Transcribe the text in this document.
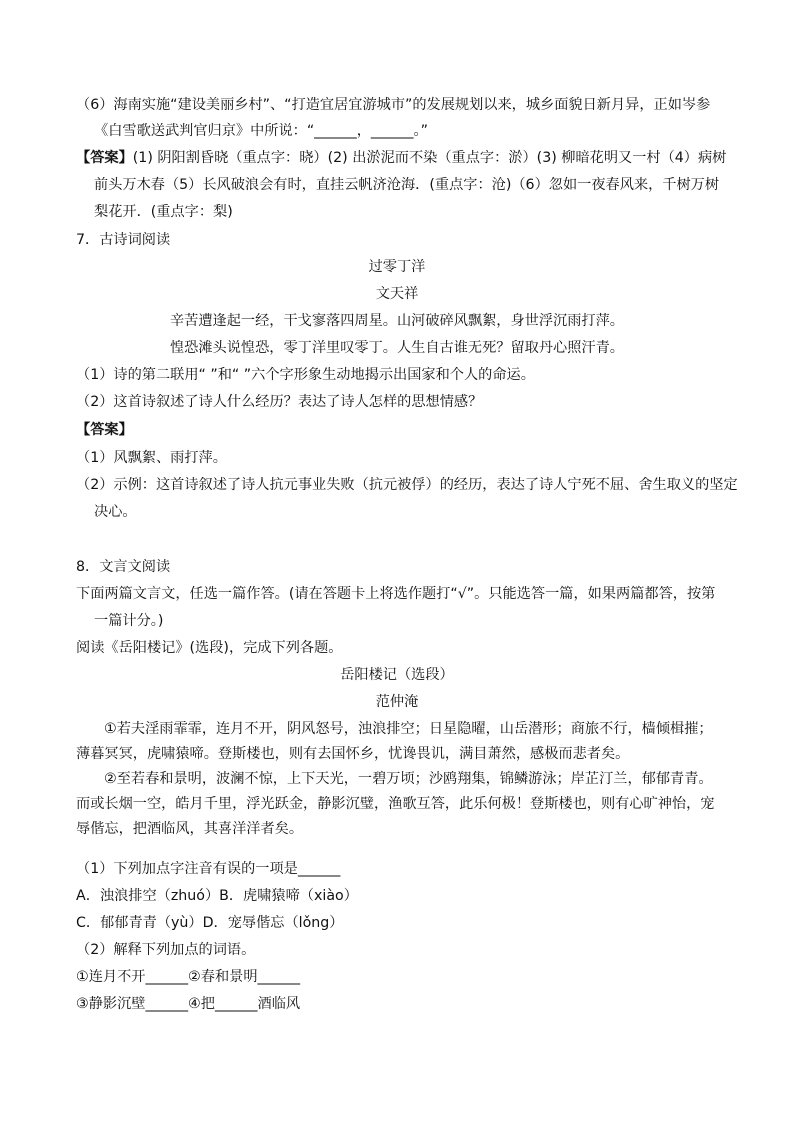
（6）海南实施“建设美丽乡村”、“打造宜居宜游城市”的发展规划以来，城乡面貌日新月异，正如岑参
《白雪歌送武判官归京》中所说：“______，______。”
【答案】(1) 阴阳割昏晓（重点字：晓）(2) 出淤泥而不染（重点字：淤）(3) 柳暗花明又一村（4）病树
前头万木春（5）长风破浪会有时，直挂云帆济沧海．(重点字：沧)（6）忽如一夜春风来，千树万树
梨花开．(重点字：梨)
7．古诗词阅读
过零丁洋
文天祥
辛苦遭逢起一经，干戈寥落四周星。山河破碎风飘絮，身世浮沉雨打萍。
惶恐滩头说惶恐，零丁洋里叹零丁。人生自古谁无死？留取丹心照汗青。
（1）诗的第二联用“ ”和“ ”六个字形象生动地揭示出国家和个人的命运。
（2）这首诗叙述了诗人什么经历？表达了诗人怎样的思想情感？
【答案】
（1）风飘絮、雨打萍。
（2）示例：这首诗叙述了诗人抗元事业失败（抗元被俘）的经历，表达了诗人宁死不屈、舍生取义的坚定
决心。
8．文言文阅读
下面两篇文言文，任选一篇作答。(请在答题卡上将选作题打“√”。只能选答一篇，如果两篇都答，按第
一篇计分。)
阅读《岳阳楼记》(选段)，完成下列各题。
岳阳楼记（选段）
范仲淹
①若夫淫雨霏霏，连月不开，阴风怒号，浊浪排空；日星隐曜，山岳潜形；商旅不行，樯倾楫摧；薄暮冥冥，虎啸猿啼。登斯楼也，则有去国怀乡，忧谗畏讥，满目萧然，感极而悲者矣。
②至若春和景明，波澜不惊，上下天光，一碧万顷；沙鸥翔集，锦鳞游泳；岸芷汀兰，郁郁青青。而或长烟一空，皓月千里，浮光跃金，静影沉璧，渔歌互答，此乐何极！登斯楼也，则有心旷神怡，宠辱偕忘，把酒临风，其喜洋洋者矣。
（1）下列加点字注音有误的一项是______
A．浊浪排空（zhuó）B．虎啸猿啼（xiào）
C．郁郁青青（yù）D．宠辱偕忘（lǒng）
（2）解释下列加点的词语。
①连月不开______②春和景明______
③静影沉壁______④把______酒临风
